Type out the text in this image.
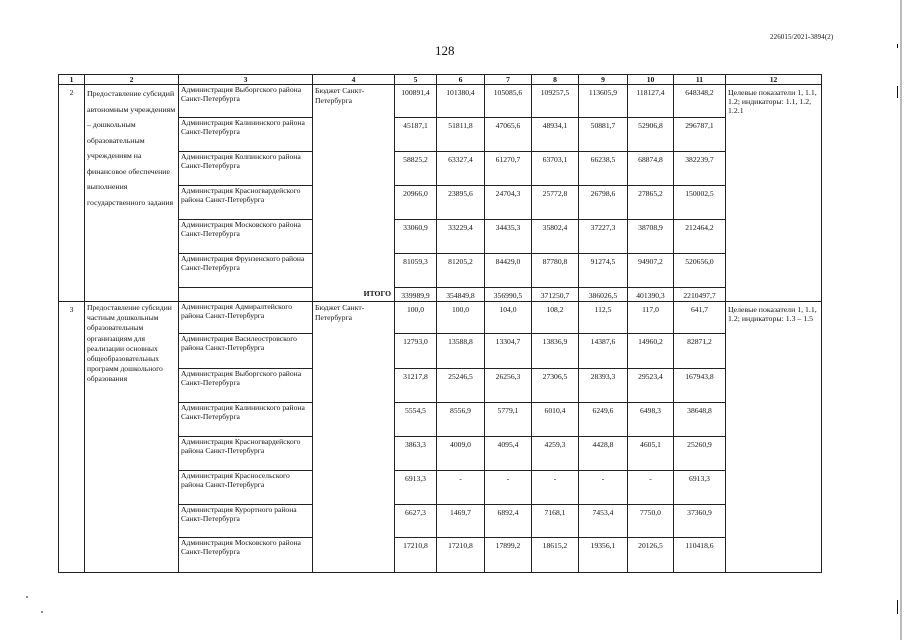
226015/2021-3894(2)
128
1	2	3	4	5	6	7	8	9	10	11	12
2	Предоставление субсидий автономным учреждениям – дошкольным образовательным учреждениям на финансовое обеспечение выполнения государственного задания	Администрация Выборгского района Санкт-Петербурга	Бюджет Санкт-Петербурга	100891,4	101380,4	105085,6	109257,5	113605,9	118127,4	648348,2	Целевые показатели 1, 1.1, 1.2; индикаторы: 1.1, 1.2, 1.2.1
		Администрация Калининского района Санкт-Петербурга		45187,1	51811,8	47065,6	48934,1	50881,7	52906,8	296787,1	
		Администрация Колпинского района Санкт-Петербурга		58825,2	63327,4	61270,7	63703,1	66238,5	68874,8	382239,7	
		Администрация Красногвардейского района Санкт-Петербурга		20966,0	23895,6	24704,3	25772,8	26798,6	27865,2	150002,5	
		Администрация Московского района Санкт-Петербурга		33060,9	33229,4	34435,3	35802,4	37227,3	38708,9	212464,2	
		Администрация Фрунзенского района Санкт-Петербурга		81059,3	81205,2	84429,0	87780,8	91274,5	94907,2	520656,0	
		ИТОГО		339989,9	354849,8	356990,5	371250,7	386026,5	401390,3	2210497,7	
3	Предоставление субсидии частным дошкольным образовательным организациям для реализации основных общеобразовательных программ дошкольного образования	Администрация Адмиралтейского района Санкт-Петербурга	Бюджет Санкт-Петербурга	100,0	100,0	104,0	108,2	112,5	117,0	641,7	Целевые показатели 1, 1.1, 1.2; индикаторы: 1.3 – 1.5
		Администрация Василеостровского района Санкт-Петербурга		12793,0	13588,8	13304,7	13836,9	14387,6	14960,2	82871,2	
		Администрация Выборгского района Санкт-Петербурга		31217,8	25246,5	26256,3	27306,5	28393,3	29523,4	167943,8	
		Администрация Калининского района Санкт-Петербурга		5554,5	8556,9	5779,1	6010,4	6249,6	6498,3	38648,8	
		Администрация Красногвардейского района Санкт-Петербурга		3863,3	4009,0	4095,4	4259,3	4428,8	4605,1	25260,9	
		Администрация Красносельского района Санкт-Петербурга		6913,3	-	-	-	-	-	6913,3	
		Администрация Курортного района Санкт-Петербурга		6627,3	1469,7	6892,4	7168,1	7453,4	7750,0	37360,9	
		Администрация Московского района Санкт-Петербурга		17210,8	17210,8	17899,2	18615,2	19356,1	20126,5	110418,6	
